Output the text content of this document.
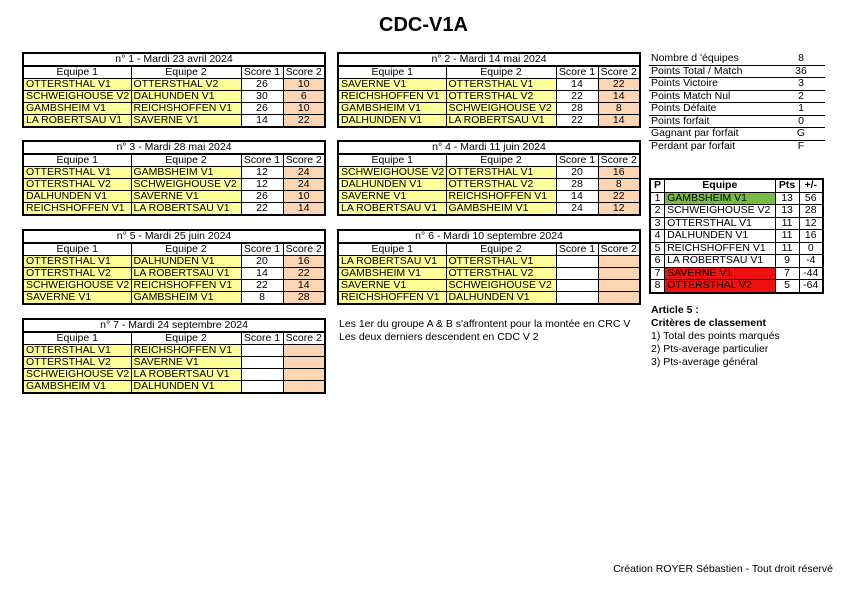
CDC-V1A
n° 1 - Mardi 23 avril 2024			
Equipe 1	Equipe 2	Score 1	Score 2
OTTERSTHAL V1	OTTERSTHAL V2	26	10
SCHWEIGHOUSE V2	DALHUNDEN V1	30	6
GAMBSHEIM V1	REICHSHOFFEN V1	26	10
LA ROBERTSAU V1	SAVERNE V1	14	22
n° 2 - Mardi 14 mai 2024			
Equipe 1	Equipe 2	Score 1	Score 2
SAVERNE V1	OTTERSTHAL V1	14	22
REICHSHOFFEN V1	OTTERSTHAL V2	22	14
GAMBSHEIM V1	SCHWEIGHOUSE V2	28	8
DALHUNDEN V1	LA ROBERTSAU V1	22	14
n° 3 - Mardi 28 mai 2024			
Equipe 1	Equipe 2	Score 1	Score 2
OTTERSTHAL V1	GAMBSHEIM V1	12	24
OTTERSTHAL V2	SCHWEIGHOUSE V2	12	24
DALHUNDEN V1	SAVERNE V1	26	10
REICHSHOFFEN V1	LA ROBERTSAU V1	22	14
n° 4 - Mardi 11 juin 2024			
Equipe 1	Equipe 2	Score 1	Score 2
SCHWEIGHOUSE V2	OTTERSTHAL V1	20	16
DALHUNDEN V1	OTTERSTHAL V2	28	8
SAVERNE V1	REICHSHOFFEN V1	14	22
LA ROBERTSAU V1	GAMBSHEIM V1	24	12
n° 5 - Mardi 25 juin 2024			
Equipe 1	Equipe 2	Score 1	Score 2
OTTERSTHAL V1	DALHUNDEN V1	20	16
OTTERSTHAL V2	LA ROBERTSAU V1	14	22
SCHWEIGHOUSE V2	REICHSHOFFEN V1	22	14
SAVERNE V1	GAMBSHEIM V1	8	28
n° 6 - Mardi 10 septembre 2024			
Equipe 1	Equipe 2	Score 1	Score 2
LA ROBERTSAU V1	OTTERSTHAL V1		
GAMBSHEIM V1	OTTERSTHAL V2		
SAVERNE V1	SCHWEIGHOUSE V2		
REICHSHOFFEN V1	DALHUNDEN V1		
n° 7 - Mardi 24 septembre 2024			
Equipe 1	Equipe 2	Score 1	Score 2
OTTERSTHAL V1	REICHSHOFFEN V1		
OTTERSTHAL V2	SAVERNE V1		
SCHWEIGHOUSE V2	LA ROBERTSAU V1		
GAMBSHEIM V1	DALHUNDEN V1		
Nombre d 'équipes	8
Points Total / Match	36
Points Victoire	3
Points Match Nul	2
Points Défaite	1
Points forfait	0
Gagnant par forfait	G
Perdant par forfait	F
P	Equipe	Pts	+/-
1	GAMBSHEIM V1	13	56
2	SCHWEIGHOUSE V2	13	28
3	OTTERSTHAL V1	11	12
4	DALHUNDEN V1	11	16
5	REICHSHOFFEN V1	11	0
6	LA ROBERTSAU V1	9	-4
7	SAVERNE V1	7	-44
8	OTTERSTHAL V2	5	-64
Les 1er du groupe A & B s'affrontent pour la montée en CRC V
Les deux derniers descendent en CDC V 2
Article 5 :
Critères de classement
1) Total des points marqués
2) Pts-average particulier
3) Pts-average général
Création ROYER Sébastien - Tout droit réservé
